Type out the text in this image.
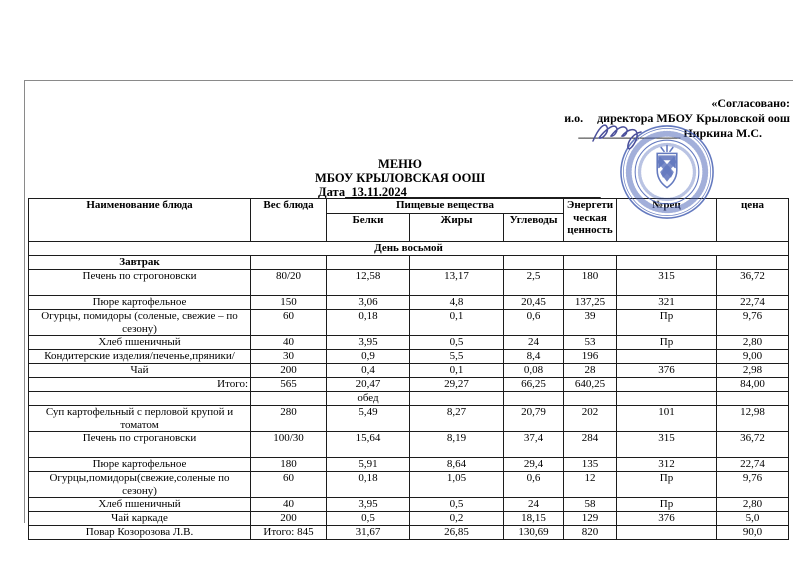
«Согласовано:
и.о. директора МБОУ Крыловской оош
_________________ Ниркина М.С.
МЕНЮ
МБОУ КРЫЛОВСКАЯ ООШ
Дата_13.11.2024_______________________________
Наименование блюда	Вес блюда	Пищевые вещества			Энергети ческая ценность	№рец	цена
		Белки	Жиры	Углеводы			
День восьмой							
Завтрак							
Печень по строгоновски	80/20	12,58	13,17	2,5	180	315	36,72
Пюре картофельное	150	3,06	4,8	20,45	137,25	321	22,74
Огурцы, помидоры (соленые, свежие – по сезону)	60	0,18	0,1	0,6	39	Пр	9,76
Хлеб пшеничный	40	3,95	0,5	24	53	Пр	2,80
Кондитерские изделия/печенье,пряники/	30	0,9	5,5	8,4	196		9,00
Чай	200	0,4	0,1	0,08	28	376	2,98
Итого:	565	20,47	29,27	66,25	640,25		84,00
		обед					
Суп картофельный с перловой крупой и томатом	280	5,49	8,27	20,79	202	101	12,98
Печень по строгановски	100/30	15,64	8,19	37,4	284	315	36,72
Пюре картофельное	180	5,91	8,64	29,4	135	312	22,74
Огурцы,помидоры(свежие,соленые по сезону)	60	0,18	1,05	0,6	12	Пр	9,76
Хлеб пшеничный	40	3,95	0,5	24	58	Пр	2,80
Чай каркаде	200	0,5	0,2	18,15	129	376	5,0
Повар Козорозова Л.В.	Итого: 845	31,67	26,85	130,69	820		90,0
